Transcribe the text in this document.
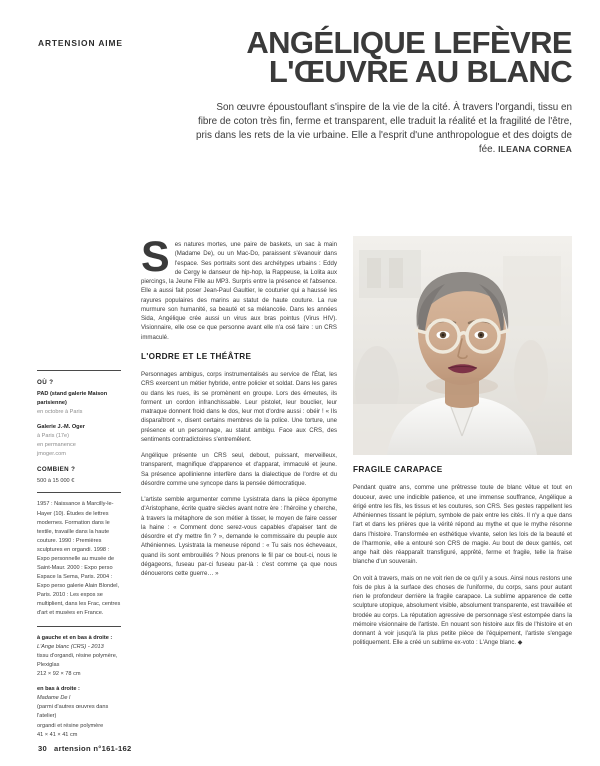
ARTENSION AIME	ANGÉLIQUE LEFÈVRE
L'ŒUVRE AU BLANC
Son œuvre époustouflant s'inspire de la vie de la cité. À travers l'organdi, tissu en fibre de coton très fin, ferme et transparent, elle traduit la réalité et la fragilité de l'être, pris dans les rets de la vie urbaine. Elle a l'esprit d'une anthropologue et des doigts de fée. ILEANA CORNEA
OÙ ?
PAD (stand galerie Maison parisienne)
en octobre à Paris
Galerie J.-M. Oger
à Paris (17e)
en permanence
jmoger.com
COMBIEN ?
500 à 15 000 €
1957 : Naissance à Marcilly-le-Hayer (10). Études de lettres modernes. Formation dans le textile, travaille dans la haute couture. 1990 : Premières sculptures en organdi. 1998 : Expo personnelle au musée de Saint-Maur. 2000 : Expo perso Espace la Sema, Paris. 2004 : Expo perso galerie Alain Blondel, Paris. 2010 : Les expos se multiplient, dans les Frac, centres d'art et musées en France.
à gauche et en bas à droite :
L'Ange blanc (CRS) - 2013
tissu d'organdi, résine polymère, Plexiglas
212 × 92 × 78 cm
en bas à droite :
Madame De l
(parmi d'autres œuvres dans l'atelier)
organdi et résine polymère
41 × 41 × 41 cm

Ses natures mortes, une paire de baskets, un sac à main (Madame De), ou un Mac-Do, paraissent s'évanouir dans l'espace. Ses portraits sont des archétypes urbains : Eddy de Cergy le danseur de hip-hop, la Rappeuse, la Lolita aux piercings, la Jeune Fille au MP3. Surpris entre la présence et l'absence. Elle a aussi fait poser Jean-Paul Gaultier, le couturier qui a haussé les rayures populaires des marins au statut de haute couture. La rue murmure son humanité, sa beauté et sa mélancolie. Dans les années Sida, Angélique crée aussi un virus aux bras pointus (Virus HIV). Visionnaire, elle ose ce que personne avant elle n'a osé faire : un CRS immaculé.

L'ORDRE ET LE THÉÂTRE

Personnages ambigus, corps instrumentalisés au service de l'État, les CRS exercent un métier hybride, entre policier et soldat. Dans les gares ou dans les rues, ils se promènent en groupe. Lors des émeutes, ils forment un cordon infranchissable. Leur pistolet, leur bouclier, leur matraque donnent froid dans le dos, leur mot d'ordre aussi : obéir ! « Ils disparaîtront », disent certains membres de la police. Une torture, une présence et un personnage, au statut ambigu. Face aux CRS, des sentiments contradictoires s'entremêlent.

Angélique présente un CRS seul, debout, puissant, merveilleux, transparent, magnifique d'apparence et d'apparat, immaculé et jeune. Sa présence apollinienne interfère dans la dialectique de l'ordre et du désordre comme une syncope dans la pensée démocratique.

L'artiste semble argumenter comme Lysistrata dans la pièce éponyme d'Aristophane, écrite quatre siècles avant notre ère : l'héroïne y cherche, à travers la métaphore de son métier à tisser, le moyen de faire cesser la haine : « Comment donc serez-vous capables d'apaiser tant de désordre et d'y mettre fin ? », demande le commissaire du peuple aux Athéniennes. Lysistrata la meneuse répond : « Tu sais nos écheveaux, quand ils sont embrouillés ? Nous prenons le fil par ce bout-ci, nous le dégageons, fuseau par-ci fuseau par-là : c'est comme ça que nous dénouerons cette guerre… »

FRAGILE CARAPACE

Pendant quatre ans, comme une prêtresse toute de blanc vêtue et tout en douceur, avec une indicible patience, et une immense souffrance, Angélique a érigé entre les fils, les tissus et les coutures, son CRS. Ses gestes rappellent les Athéniennes tissant le péplum, symbole de paix entre les cités. Il n'y a que dans l'art et dans les prières que la vérité répond au mythe et que le mythe résonne dans l'histoire. Transformée en esthétique vivante, selon les lois de la beauté et de l'harmonie, elle a entouré son CRS de magie. Au bout de deux gantés, cet ange hait dès réapparaît transfiguré, apprêté, ferme et fragile, telle la fraise blanche d'un souverain.

On voit à travers, mais on ne voit rien de ce qu'il y a sous. Ainsi nous restons une fois de plus à la surface des choses de l'uniforme, du corps, sans pour autant rien le profondeur derrière la fragile carapace. La sublime apparence de cette sculpture utopique, absolument visible, absolument transparente, est travaillée et brodée au corps. La réputation agressive de personnage s'est estompée dans la mémoire visionnaire de l'artiste. En nouant son histoire aux fils de l'histoire et en donnant à voir jusqu'à la plus petite pièce de l'équipement, l'artiste s'engage politiquement. Elle a créé un sublime ex-voto : L'Ange blanc. ◆

30 artension n°161-162
